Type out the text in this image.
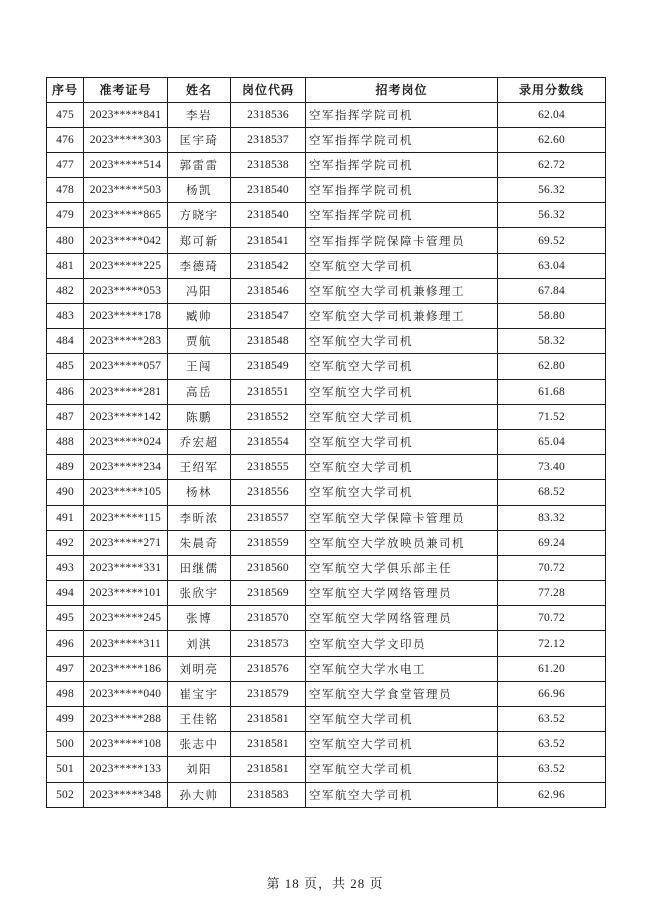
序号	准考证号	姓名	岗位代码	招考岗位	录用分数线
475	2023*****841	李岩	2318536	空军指挥学院司机	62.04
476	2023*****303	匡宇琦	2318537	空军指挥学院司机	62.60
477	2023*****514	郭雷雷	2318538	空军指挥学院司机	62.72
478	2023*****503	杨凯	2318540	空军指挥学院司机	56.32
479	2023*****865	方晓宇	2318540	空军指挥学院司机	56.32
480	2023*****042	郑可新	2318541	空军指挥学院保障卡管理员	69.52
481	2023*****225	李德琦	2318542	空军航空大学司机	63.04
482	2023*****053	冯阳	2318546	空军航空大学司机兼修理工	67.84
483	2023*****178	臧帅	2318547	空军航空大学司机兼修理工	58.80
484	2023*****283	贾航	2318548	空军航空大学司机	58.32
485	2023*****057	王闯	2318549	空军航空大学司机	62.80
486	2023*****281	高岳	2318551	空军航空大学司机	61.68
487	2023*****142	陈鹏	2318552	空军航空大学司机	71.52
488	2023*****024	乔宏超	2318554	空军航空大学司机	65.04
489	2023*****234	王绍军	2318555	空军航空大学司机	73.40
490	2023*****105	杨林	2318556	空军航空大学司机	68.52
491	2023*****115	李昕浓	2318557	空军航空大学保障卡管理员	83.32
492	2023*****271	朱晨奇	2318559	空军航空大学放映员兼司机	69.24
493	2023*****331	田继儒	2318560	空军航空大学俱乐部主任	70.72
494	2023*****101	张欣宇	2318569	空军航空大学网络管理员	77.28
495	2023*****245	张博	2318570	空军航空大学网络管理员	70.72
496	2023*****311	刘淇	2318573	空军航空大学文印员	72.12
497	2023*****186	刘明亮	2318576	空军航空大学水电工	61.20
498	2023*****040	崔宝宇	2318579	空军航空大学食堂管理员	66.96
499	2023*****288	王佳铭	2318581	空军航空大学司机	63.52
500	2023*****108	张志中	2318581	空军航空大学司机	63.52
501	2023*****133	刘阳	2318581	空军航空大学司机	63.52
502	2023*****348	孙大帅	2318583	空军航空大学司机	62.96
第 18 页，共 28 页
